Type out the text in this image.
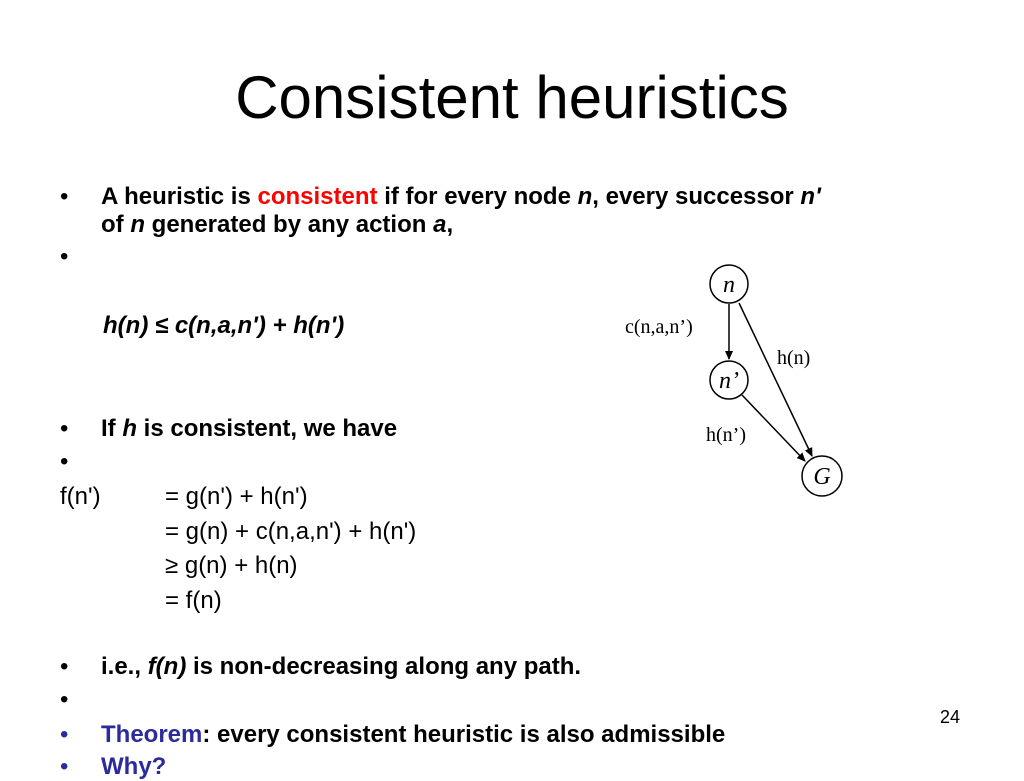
Consistent heuristics
• A heuristic is consistent if for every node n, every successor n'
of n generated by any action a,
•
h(n) ≤ c(n,a,n') + h(n')
• If h is consistent, we have
•
f(n')	= g(n') + h(n')
= g(n) + c(n,a,n') + h(n')
≥ g(n) + h(n)
= f(n)
• i.e., f(n) is non-decreasing along any path.
•
• Theorem: every consistent heuristic is also admissible
• Why?
24
n
n’
G
c(n,a,n’)
h(n)
h(n’)
